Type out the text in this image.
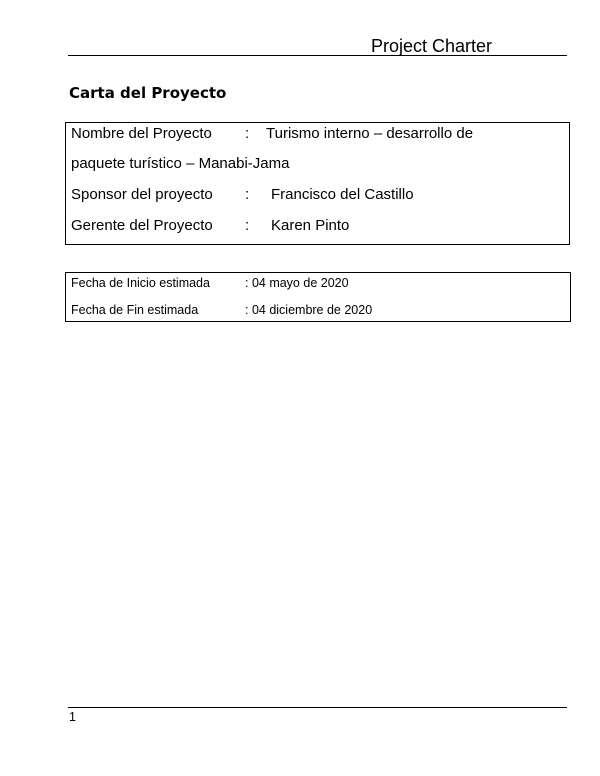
Project Charter
Carta del Proyecto
Nombre del Proyecto : Turismo interno – desarrollo de
paquete turístico – Manabi-Jama
Sponsor del proyecto : Francisco del Castillo
Gerente del Proyecto : Karen Pinto
Fecha de Inicio estimada	: 04 mayo de 2020
Fecha de Fin estimada	: 04 diciembre de 2020
1
